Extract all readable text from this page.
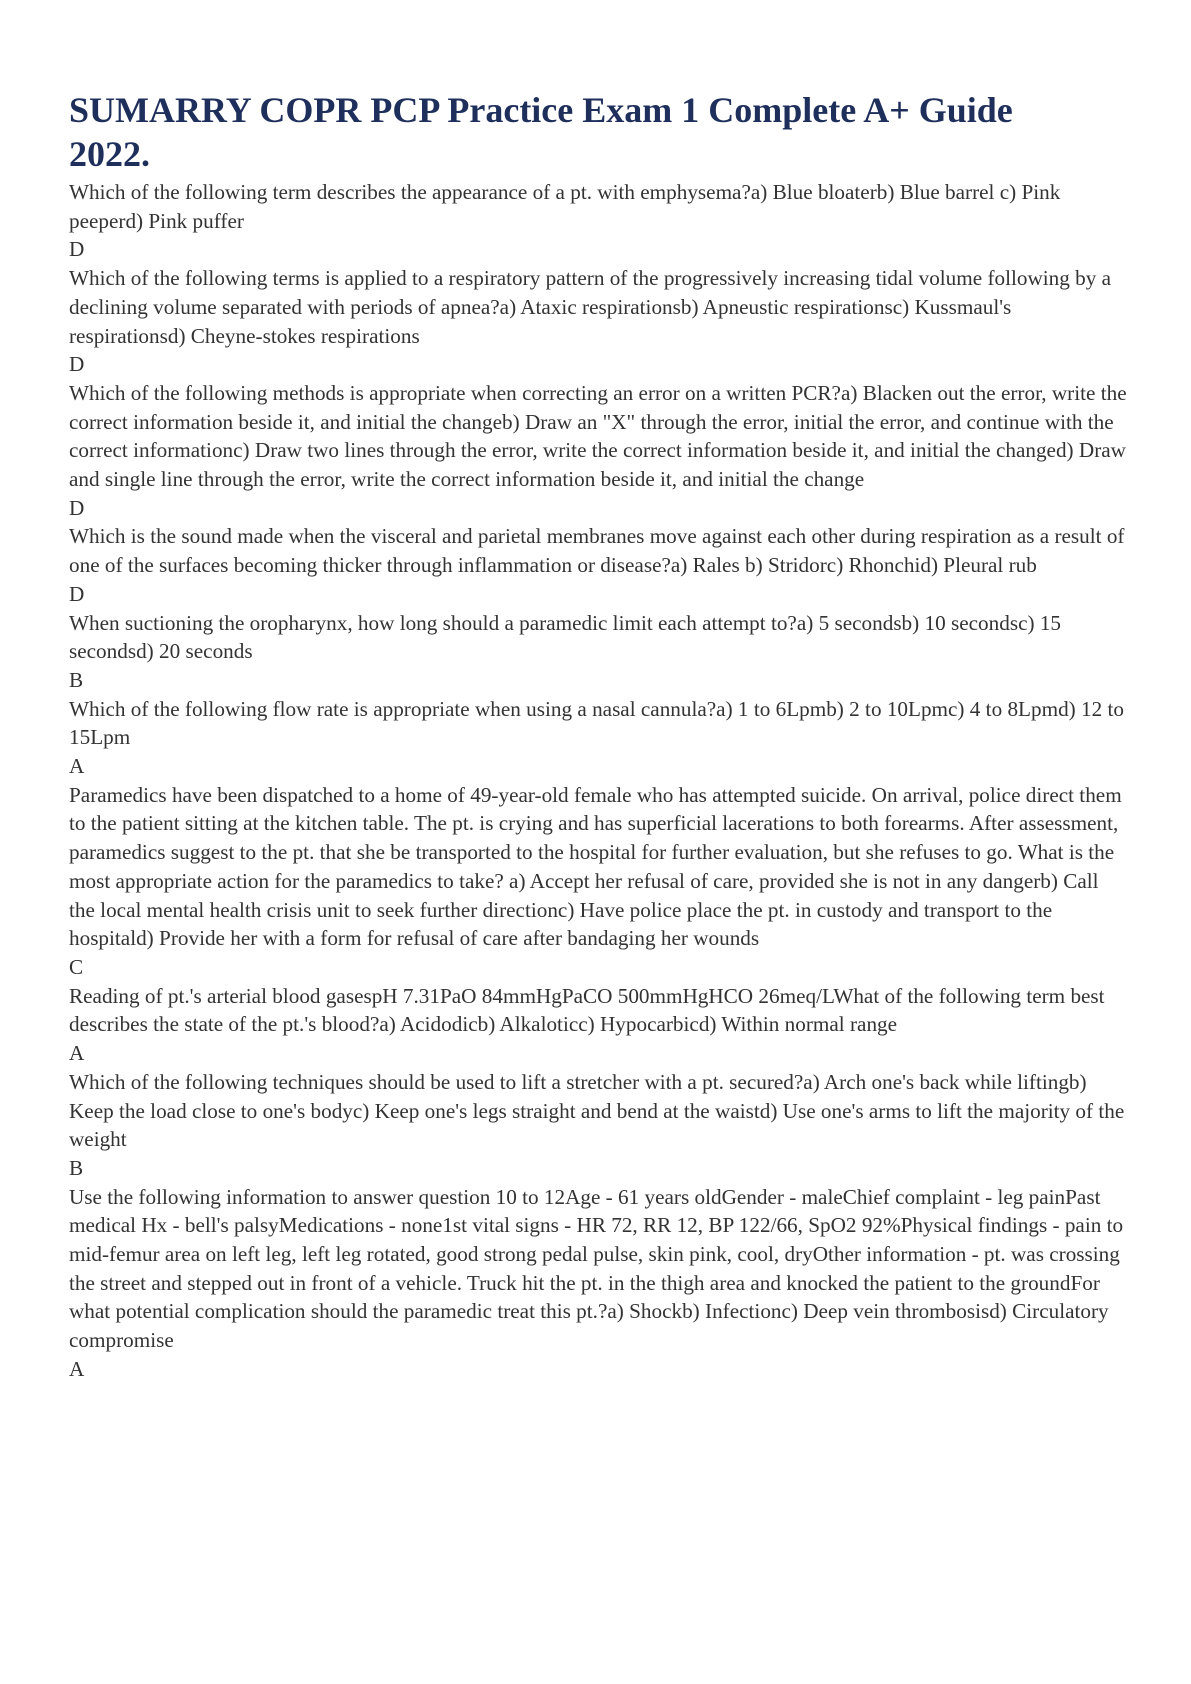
SUMARRY COPR PCP Practice Exam 1 Complete A+ Guide 2022.

Which of the following term describes the appearance of a pt. with emphysema?a) Blue bloaterb) Blue barrel c) Pink peeperd) Pink puffer

D

Which of the following terms is applied to a respiratory pattern of the progressively increasing tidal volume following by a declining volume separated with periods of apnea?a) Ataxic respirationsb) Apneustic respirationsc) Kussmaul's respirationsd) Cheyne-stokes respirations

D

Which of the following methods is appropriate when correcting an error on a written PCR?a) Blacken out the error, write the correct information beside it, and initial the changeb) Draw an "X" through the error, initial the error, and continue with the correct informationc) Draw two lines through the error, write the correct information beside it, and initial the changed) Draw and single line through the error, write the correct information beside it, and initial the change

D

Which is the sound made when the visceral and parietal membranes move against each other during respiration as a result of one of the surfaces becoming thicker through inflammation or disease?a) Rales b) Stridorc) Rhonchid) Pleural rub

D

When suctioning the oropharynx, how long should a paramedic limit each attempt to?a) 5 secondsb) 10 secondsc) 15 secondsd) 20 seconds

B

Which of the following flow rate is appropriate when using a nasal cannula?a) 1 to 6Lpmb) 2 to 10Lpmc) 4 to 8Lpmd) 12 to 15Lpm

A

Paramedics have been dispatched to a home of 49-year-old female who has attempted suicide. On arrival, police direct them to the patient sitting at the kitchen table. The pt. is crying and has superficial lacerations to both forearms. After assessment, paramedics suggest to the pt. that she be transported to the hospital for further evaluation, but she refuses to go. What is the most appropriate action for the paramedics to take? a) Accept her refusal of care, provided she is not in any dangerb) Call the local mental health crisis unit to seek further directionc) Have police place the pt. in custody and transport to the hospitald) Provide her with a form for refusal of care after bandaging her wounds

C

Reading of pt.'s arterial blood gasespH 7.31PaO 84mmHgPaCO 500mmHgHCO 26meq/LWhat of the following term best describes the state of the pt.'s blood?a) Acidodicb) Alkaloticc) Hypocarbicd) Within normal range

A

Which of the following techniques should be used to lift a stretcher with a pt. secured?a) Arch one's back while liftingb) Keep the load close to one's bodyc) Keep one's legs straight and bend at the waistd) Use one's arms to lift the majority of the weight

B

Use the following information to answer question 10 to 12Age - 61 years oldGender - maleChief complaint - leg painPast medical Hx - bell's palsyMedications - none1st vital signs - HR 72, RR 12, BP 122/66, SpO2 92%Physical findings - pain to mid-femur area on left leg, left leg rotated, good strong pedal pulse, skin pink, cool, dryOther information - pt. was crossing the street and stepped out in front of a vehicle. Truck hit the pt. in the thigh area and knocked the patient to the groundFor what potential complication should the paramedic treat this pt.?a) Shockb) Infectionc) Deep vein thrombosisd) Circulatory compromise

A
